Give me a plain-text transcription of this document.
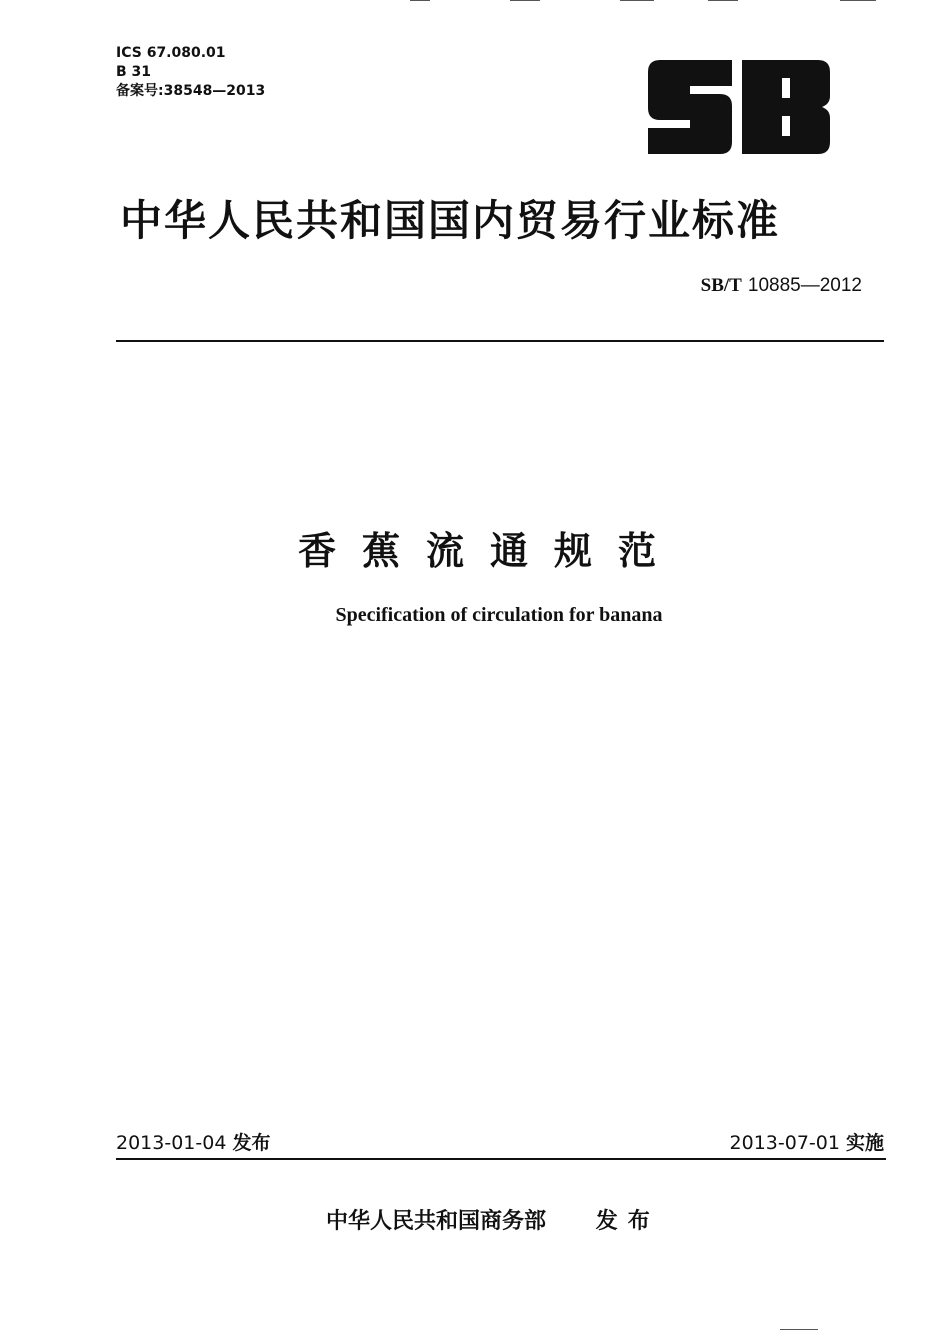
ICS 67.080.01
B 31
备案号:38548—2013
中华人民共和国国内贸易行业标准
SB/T 10885—2012
香蕉流通规范
Specification of circulation for banana
2013-01-04 发布	2013-07-01 实施
中华人民共和国商务部 发布
